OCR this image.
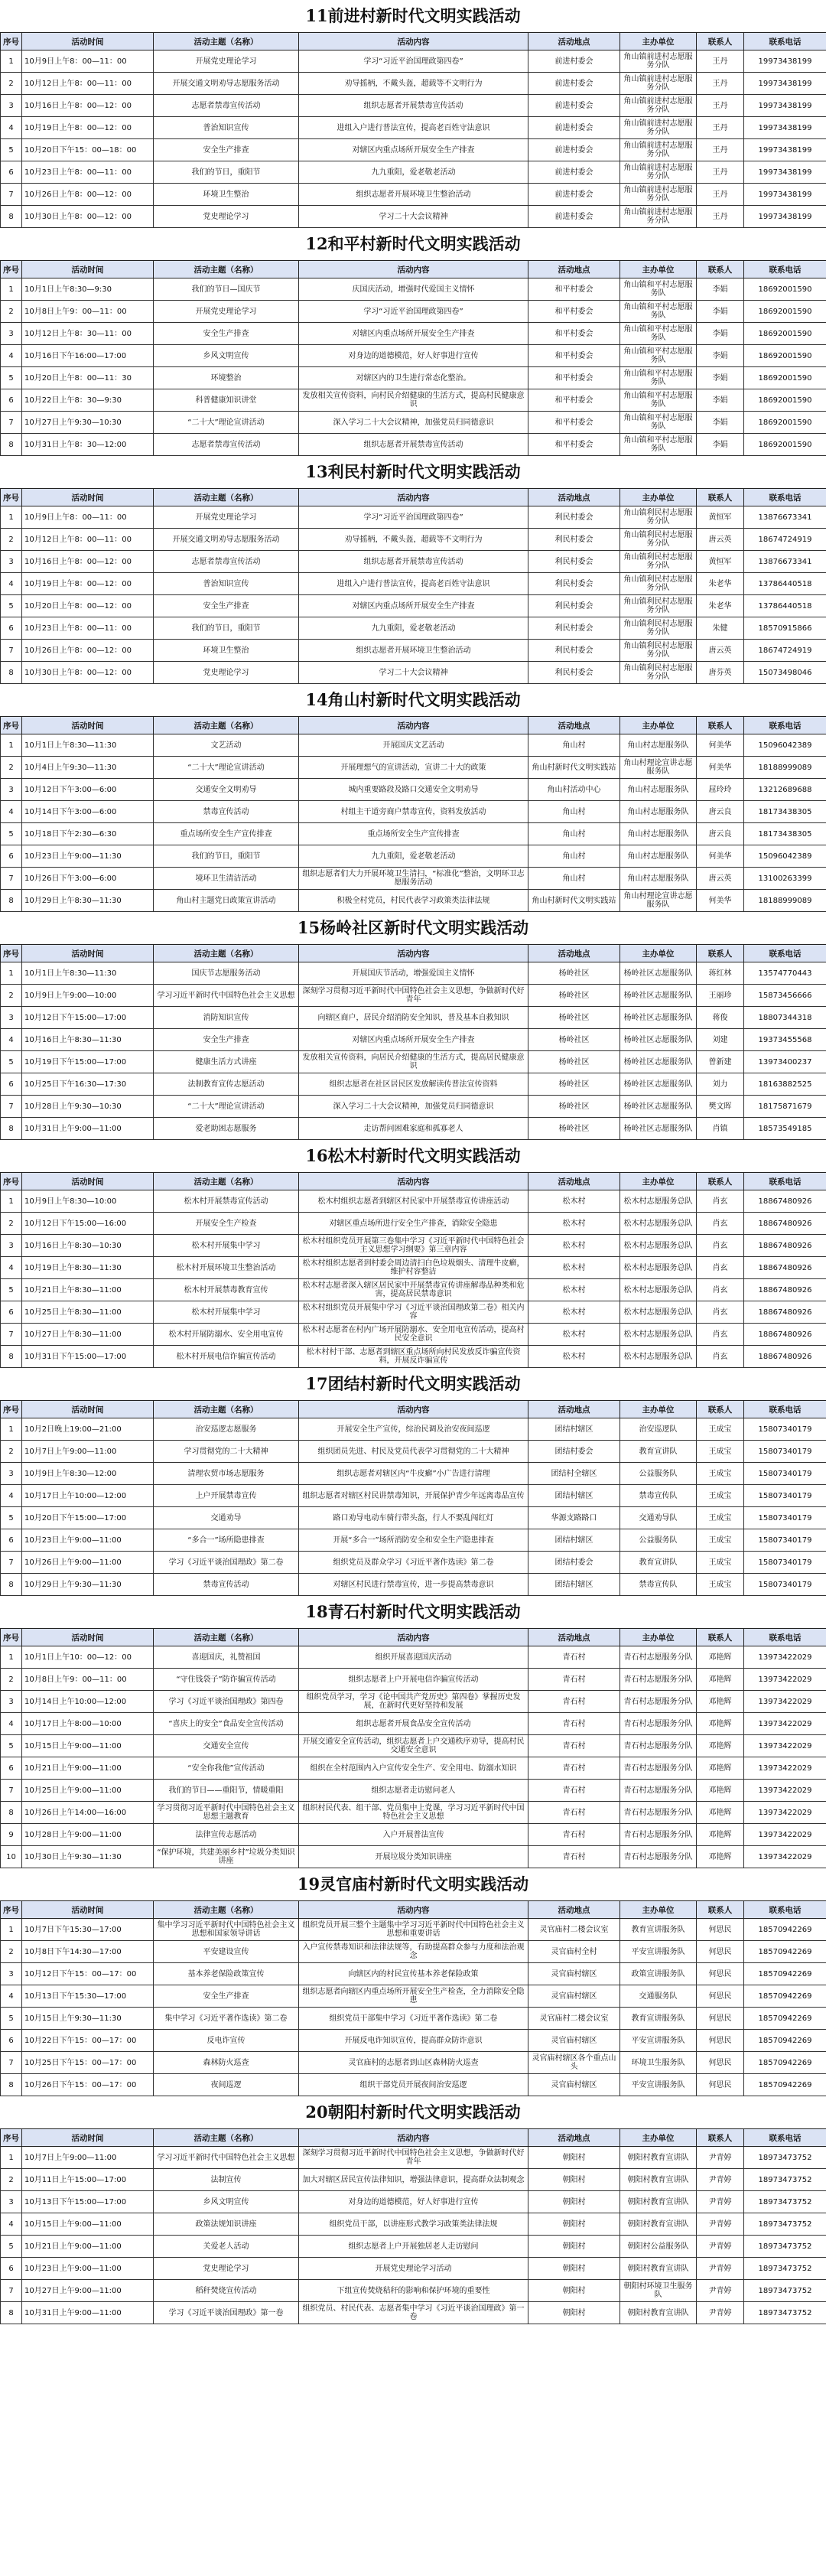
11前进村新时代文明实践活动
序号	活动时间	活动主题（名称）	活动内容	活动地点	主办单位	联系人	联系电话
1	10月9日上午8：00—11：00	开展党史理论学习	学习“习近平治国理政第四卷”	前进村委会	角山镇前进村志愿服务分队	王丹	19973438199
2	10月12日上午8：00—11：00	开展交通文明劝导志愿服务活动	劝导摇柄，不戴头盔，超载等不文明行为	前进村委会	角山镇前进村志愿服务分队	王丹	19973438199
3	10月16日上午8：00—12：00	志愿者禁毒宣传活动	组织志愿者开展禁毒宣传活动	前进村委会	角山镇前进村志愿服务分队	王丹	19973438199
4	10月19日上午8：00—12：00	普治知识宣传	进组入户进行普法宣传，提高老百姓守法意识	前进村委会	角山镇前进村志愿服务分队	王丹	19973438199
5	10月20日下午15：00—18：00	安全生产排查	对辖区内重点场所开展安全生产排查	前进村委会	角山镇前进村志愿服务分队	王丹	19973438199
6	10月23日上午8：00—11：00	我们的节日，重阳节	九九重阳，爱老敬老活动	前进村委会	角山镇前进村志愿服务分队	王丹	19973438199
7	10月26日上午8：00—12：00	环境卫生整治	组织志愿者开展环境卫生整治活动	前进村委会	角山镇前进村志愿服务分队	王丹	19973438199
8	10月30日上午8：00—12：00	党史理论学习	学习二十大会议精神	前进村委会	角山镇前进村志愿服务分队	王丹	19973438199
12和平村新时代文明实践活动
序号	活动时间	活动主题（名称）	活动内容	活动地点	主办单位	联系人	联系电话
1	10月1日上午8:30—9:30	我们的节日—国庆节	庆国庆活动，增强时代爱国主义情怀	和平村委会	角山镇和平村志愿服务队	李娟	18692001590
2	10月8日上午9：00—11：00	开展党史理论学习	学习“习近平治国理政第四卷”	和平村委会	角山镇和平村志愿服务队	李娟	18692001590
3	10月12日上午8：30—11：00	安全生产排查	对辖区内重点场所开展安全生产排查	和平村委会	角山镇和平村志愿服务队	李娟	18692001590
4	10月16日下午16:00—17:00	乡风文明宣传	对身边的道德模范，好人好事进行宣传	和平村委会	角山镇和平村志愿服务队	李娟	18692001590
5	10月20日上午8：00—11：30	环境整治	对辖区内的卫生进行常态化整治。	和平村委会	角山镇和平村志愿服务队	李娟	18692001590
6	10月22日上午8：30—9:30	科普健康知识讲堂	发放相关宣传资料，向村民介绍健康的生活方式，提高村民健康意识	和平村委会	角山镇和平村志愿服务队	李娟	18692001590
7	10月27日上午9:30—10:30	“二十大”理论宣讲活动	深入学习二十大会议精神，加强党员归同德意识	和平村委会	角山镇和平村志愿服务队	李娟	18692001590
8	10月31日上午8：30—12:00	志愿者禁毒宣传活动	组织志愿者开展禁毒宣传活动	和平村委会	角山镇和平村志愿服务队	李娟	18692001590
13利民村新时代文明实践活动
序号	活动时间	活动主题（名称）	活动内容	活动地点	主办单位	联系人	联系电话
1	10月9日上午8：00—11：00	开展党史理论学习	学习“习近平治国理政第四卷”	利民村委会	角山镇利民村志愿服务分队	黄恒军	13876673341
2	10月12日上午8：00—11：00	开展交通文明劝导志愿服务活动	劝导摇柄，不戴头盔，超载等不文明行为	利民村委会	角山镇利民村志愿服务分队	唐云英	18674724919
3	10月16日上午8：00—12：00	志愿者禁毒宣传活动	组织志愿者开展禁毒宣传活动	利民村委会	角山镇利民村志愿服务分队	黄恒军	13876673341
4	10月19日上午8：00—12：00	普治知识宣传	进组入户进行普法宣传，提高老百姓守法意识	利民村委会	角山镇利民村志愿服务分队	朱老华	13786440518
5	10月20日上午8：00—12：00	安全生产排查	对辖区内重点场所开展安全生产排查	利民村委会	角山镇利民村志愿服务分队	朱老华	13786440518
6	10月23日上午8：00—11：00	我们的节日，重阳节	九九重阳，爱老敬老活动	利民村委会	角山镇利民村志愿服务分队	朱健	18570915866
7	10月26日上午8：00—12：00	环境卫生整治	组织志愿者开展环境卫生整治活动	利民村委会	角山镇利民村志愿服务分队	唐云英	18674724919
8	10月30日上午8：00—12：00	党史理论学习	学习二十大会议精神	利民村委会	角山镇利民村志愿服务分队	唐芬英	15073498046
14角山村新时代文明实践活动
序号	活动时间	活动主题（名称）	活动内容	活动地点	主办单位	联系人	联系电话
1	10月1日上午8:30—11:30	文艺活动	开展国庆文艺活动	角山村	角山村志愿服务队	何美华	15096042389
2	10月4日上午9:30—11:30	“二十大”理论宣讲活动	开展理想气的宣讲活动，宣讲二十大的政策	角山村新时代文明实践站	角山村理论宣讲志愿服务队	何美华	18188999089
3	10月12日下午3:00—6:00	交通安全文明劝导	城内重要路段及路口交通安全文明劝导	角山村活动中心	角山村志愿服务队	屈玲玲	13212689688
4	10月14日下午3:00—6:00	禁毒宣传活动	村组主干道旁商户禁毒宣传，资料发放活动	角山村	角山村志愿服务队	唐云良	18173438305
5	10月18日下午2:30—6:30	重点场所安全生产宣传排查	重点场所安全生产宣传排查	角山村	角山村志愿服务队	唐云良	18173438305
6	10月23日上午9:00—11:30	我们的节日，重阳节	九九重阳，爱老敬老活动	角山村	角山村志愿服务队	何美华	15096042389
7	10月26日下午3:00—6:00	境环卫生清洁活动	组织志愿者们大力开展环境卫生清扫，“标准化”整治，文明环卫志愿服务活动	角山村	角山村志愿服务队	唐云英	13100263399
8	10月29日上午8:30—11:30	角山村主题党日政策宣讲活动	积极全村党员，村民代表学习政策类法律法规	角山村新时代文明实践站	角山村理论宣讲志愿服务队	何美华	18188999089
15杨岭社区新时代文明实践活动
序号	活动时间	活动主题（名称）	活动内容	活动地点	主办单位	联系人	联系电话
1	10月1日上午8:30—11:30	国庆节志愿服务活动	开展国庆节活动，增强爱国主义情怀	杨岭社区	杨岭社区志愿服务队	蒋红林	13574770443
2	10月9日上午9:00—10:00	学习习近平新时代中国特色社会主义思想	深刻学习贯彻习近平新时代中国特色社会主义思想，争做新时代好青年	杨岭社区	杨岭社区志愿服务队	王丽珍	15873456666
3	10月12日下午15:00—17:00	消防知识宣传	向辖区商户，居民介绍消防安全知识，普及基本自救知识	杨岭社区	杨岭社区志愿服务队	蒋俊	18807344318
4	10月16日上午8:30—11:30	安全生产排查	对辖区内重点场所开展安全生产排查	杨岭社区	杨岭社区志愿服务队	刘建	19373455568
5	10月19日下午15:00—17:00	健康生活方式讲座	发放相关宣传资料，向居民介绍健康的生活方式，提高居民健康意识	杨岭社区	杨岭社区志愿服务队	曾新建	13973400237
6	10月25日下午16:30—17:30	法制教育宣传志愿活动	组织志愿者在社区居民区发放解读传普法宣传资料	杨岭社区	杨岭社区志愿服务队	刘力	18163882525
7	10月28日上午9:30—10:30	“二十大”理论宣讲活动	深入学习二十大会议精神，加强党员归同德意识	杨岭社区	杨岭社区志愿服务队	樊文晖	18175871679
8	10月31日上午9:00—11:00	爱老助困志愿服务	走访帮问困难家庭和孤寡老人	杨岭社区	杨岭社区志愿服务队	肖镇	18573549185
16松木村新时代文明实践活动
序号	活动时间	活动主题（名称）	活动内容	活动地点	主办单位	联系人	联系电话
1	10月9日上午8:30—10:00	松木村开展禁毒宣传活动	松木村组织志愿者到辖区村民家中开展禁毒宣传讲座活动	松木村	松木村志愿服务总队	肖玄	18867480926
2	10月12日下午15:00—16:00	开展安全生产检查	对辖区重点场所进行安全生产排查，消除安全隐患	松木村	松木村志愿服务总队	肖玄	18867480926
3	10月16日上午8:30—10:30	松木村开展集中学习	松木村组织党员开展第三卷集中学习《习近平新时代中国特色社会主义思想学习纲要》第三章内容	松木村	松木村志愿服务总队	肖玄	18867480926
4	10月19日上午8:30—11:30	松木村开展环境卫生整治活动	松木村组织志愿者到村委会周边清扫白色垃圾烟头、清理牛皮癣，维护村容整洁	松木村	松木村志愿服务总队	肖玄	18867480926
5	10月21日上午8:30—11:00	松木村开展禁毒教育宣传	松木村志愿者深入辖区居民家中开展禁毒宣传讲座解毒品种类和危害，提高居民禁毒意识	松木村	松木村志愿服务总队	肖玄	18867480926
6	10月25日上午8:30—11:00	松木村开展集中学习	松木村组织党员开展集中学习《习近平谈治国理政第二卷》相关内容	松木村	松木村志愿服务总队	肖玄	18867480926
7	10月27日上午8:30—11:00	松木村开展防溺水、安全用电宣传	松木村志愿者在村内广场开展防溺水、安全用电宣传活动，提高村民安全意识	松木村	松木村志愿服务总队	肖玄	18867480926
8	10月31日下午15:00—17:00	松木村开展电信诈骗宣传活动	松木村村干部、志愿者到辖区重点场所向村民发放反诈骗宣传资料，开展反诈骗宣传	松木村	松木村志愿服务总队	肖玄	18867480926
17团结村新时代文明实践活动
序号	活动时间	活动主题（名称）	活动内容	活动地点	主办单位	联系人	联系电话
1	10月2日晚上19:00—21:00	治安巡逻志愿服务	开展安全生产宣传，综治民调及治安夜间巡逻	团结村辖区	治安巡逻队	王成宝	15807340179
2	10月7日上午9:00—11:00	学习贯彻党的二十大精神	组织团员先进、村民及党员代表学习贯彻党的二十大精神	团结村委会	教育宣讲队	王成宝	15807340179
3	10月9日上午8:30—12:00	清理农贸市场志愿服务	组织志愿者对辖区内“牛皮癣”小广告进行清理	团结村全辖区	公益服务队	王成宝	15807340179
4	10月17日上午10:00—12:00	上户开展禁毒宣传	组织志愿者对辖区村民讲禁毒知识，开展保护青少年远离毒品宣传	团结村辖区	禁毒宣传队	王成宝	15807340179
5	10月20日下午15:00—17:00	交通劝导	路口劝导电动车骑行带头盔，行人不要乱闯红灯	华源支路路口	交通劝导队	王成宝	15807340179
6	10月23日上午9:00—11:00	“多合一”场所隐患排查	开展“多合一”场所消防安全和安全生产隐患排查	团结村辖区	公益服务队	王成宝	15807340179
7	10月26日上午9:00—11:00	学习《习近平谈治国理政》第二卷	组织党员及群众学习《习近平著作选读》第二卷	团结村委会	教育宣讲队	王成宝	15807340179
8	10月29日上午9:30—11:30	禁毒宣传活动	对辖区村民进行禁毒宣传，进一步提高禁毒意识	团结村辖区	禁毒宣传队	王成宝	15807340179
18青石村新时代文明实践活动
序号	活动时间	活动主题（名称）	活动内容	活动地点	主办单位	联系人	联系电话
1	10月1日上午10：00—12：00	喜迎国庆，礼赞祖国	组织开展喜迎国庆活动	青石村	青石村志愿服务分队	邓艳辉	13973422029
2	10月8日上午9：00—11：00	“守住钱袋子”防诈骗宣传活动	组织志愿者上户开展电信诈骗宣传活动	青石村	青石村志愿服务分队	邓艳辉	13973422029
3	10月14日上午10:00—12:00	学习《习近平谈治国理政》第四卷	组织党员学习，学习《论中国共产党历史》第四卷》掌握历史发展，在新时代更好坚持和发展	青石村	青石村志愿服务分队	邓艳辉	13973422029
4	10月17日上午8:00—10:00	“喜庆上的安全”食品安全宣传活动	组织志愿者开展食品安全宣传活动	青石村	青石村志愿服务分队	邓艳辉	13973422029
5	10月15日上午9:00—11:00	交通安全宣传	开展交通安全宣传活动，组织志愿者上户交通秩序劝导，提高村民交通安全意识	青石村	青石村志愿服务分队	邓艳辉	13973422029
6	10月21日上午9:00—11:00	“安全你我他”宣传活动	组织在全村范围内入户宣传安全生产、安全用电、防溺水知识	青石村	青石村志愿服务分队	邓艳辉	13973422029
7	10月25日上午9:00—11:00	我们的节日——重阳节，情暖重阳	组织志愿者走访慰问老人	青石村	青石村志愿服务分队	邓艳辉	13973422029
8	10月26日上午14:00—16:00	学习贯彻习近平新时代中国特色社会主义思想主题教育	组织村民代表、组干部、党员集中上党课，学习习近平新时代中国特色社会主义思想	青石村	青石村志愿服务分队	邓艳辉	13973422029
9	10月28日上午9:00—11:00	法律宣传志愿活动	入户开展普法宣传	青石村	青石村志愿服务分队	邓艳辉	13973422029
10	10月30日上午9:30—11:30	“保护环境，共建美丽乡村”垃圾分类知识讲座	开展垃圾分类知识讲座	青石村	青石村志愿服务分队	邓艳辉	13973422029
19灵官庙村新时代文明实践活动
序号	活动时间	活动主题（名称）	活动内容	活动地点	主办单位	联系人	联系电话
1	10月7日下午15:30—17:00	集中学习习近平新时代中国特色社会主义思想和国家领导讲话	组织党员开展三整个主题集中学习习近平新时代中国特色社会主义思想和重要讲话	灵官庙村二楼会议室	教育宣讲服务队	何思民	18570942269
2	10月8日下午14:30—17:00	平安建设宣传	入户宣传禁毒知识和法律法规等，有助提高群众参与力度和法治观念	灵官庙村全村	平安宣讲服务队	何思民	18570942269
3	10月12日下午15：00—17：00	基本养老保险政策宣传	向辖区内的村民宣传基本养老保险政策	灵官庙村辖区	政策宣讲服务队	何思民	18570942269
4	10月13日下午15:30—17:00	安全生产排查	组织志愿者向辖区内重点场所开展安全生产检查，全力消除安全隐患	灵官庙村辖区	交通服务队	何思民	18570942269
5	10月15日上午9:30—11:30	集中学习《习近平著作选读》第二卷	组织党员干部集中学习《习近平著作选读》第二卷	灵官庙村二楼会议室	教育宣讲服务队	何思民	18570942269
6	10月22日下午15：00—17：00	反电诈宣传	开展反电诈知识宣传，提高群众防诈意识	灵官庙村辖区	平安宣讲服务队	何思民	18570942269
7	10月25日下午15：00—17：00	森林防火巡查	灵官庙村的志愿者到山区森林防火巡查	灵官庙村辖区各个重点山头	环境卫生服务队	何思民	18570942269
8	10月26日下午15：00—17：00	夜间巡逻	组织干部党员开展夜间治安巡逻	灵官庙村辖区	平安宣讲服务队	何思民	18570942269
20朝阳村新时代文明实践活动
序号	活动时间	活动主题（名称）	活动内容	活动地点	主办单位	联系人	联系电话
1	10月7日上午9:00—11:00	学习习近平新时代中国特色社会主义思想	深刻学习贯彻习近平新时代中国特色社会主义思想，争做新时代好青年	朝阳村	朝阳村教育宣讲队	尹青婷	18973473752
2	10月11日上午15:00—17:00	法制宣传	加大对辖区居民宣传法律知识，增强法律意识，提高群众法制观念	朝阳村	朝阳村教育宣讲队	尹青婷	18973473752
3	10月13日下午15:00—17:00	乡风文明宣传	对身边的道德模范，好人好事进行宣传	朝阳村	朝阳村教育宣讲队	尹青婷	18973473752
4	10月15日上午9:00—11:00	政策法规知识讲座	组织党员干部，以讲座形式教学习政策类法律法规	朝阳村	朝阳村教育宣讲队	尹青婷	18973473752
5	10月21日上午9:00—11:00	关爱老人活动	组织志愿者上户开展独居老人走访慰问	朝阳村	朝阳村公益服务队	尹青婷	18973473752
6	10月23日上午9:00—11:00	党史理论学习	开展党史理论学习活动	朝阳村	朝阳村教育宣讲队	尹青婷	18973473752
7	10月27日上午9:00—11:00	稻秆焚烧宣传活动	下组宣传焚烧秸秆的影响和保护环境的重要性	朝阳村	朝阳村环境卫生服务队	尹青婷	18973473752
8	10月31日上午9:00—11:00	学习《习近平谈治国理政》第一卷	组织党员、村民代表、志愿者集中学习《习近平谈治国理政》第一卷	朝阳村	朝阳村教育宣讲队	尹青婷	18973473752
